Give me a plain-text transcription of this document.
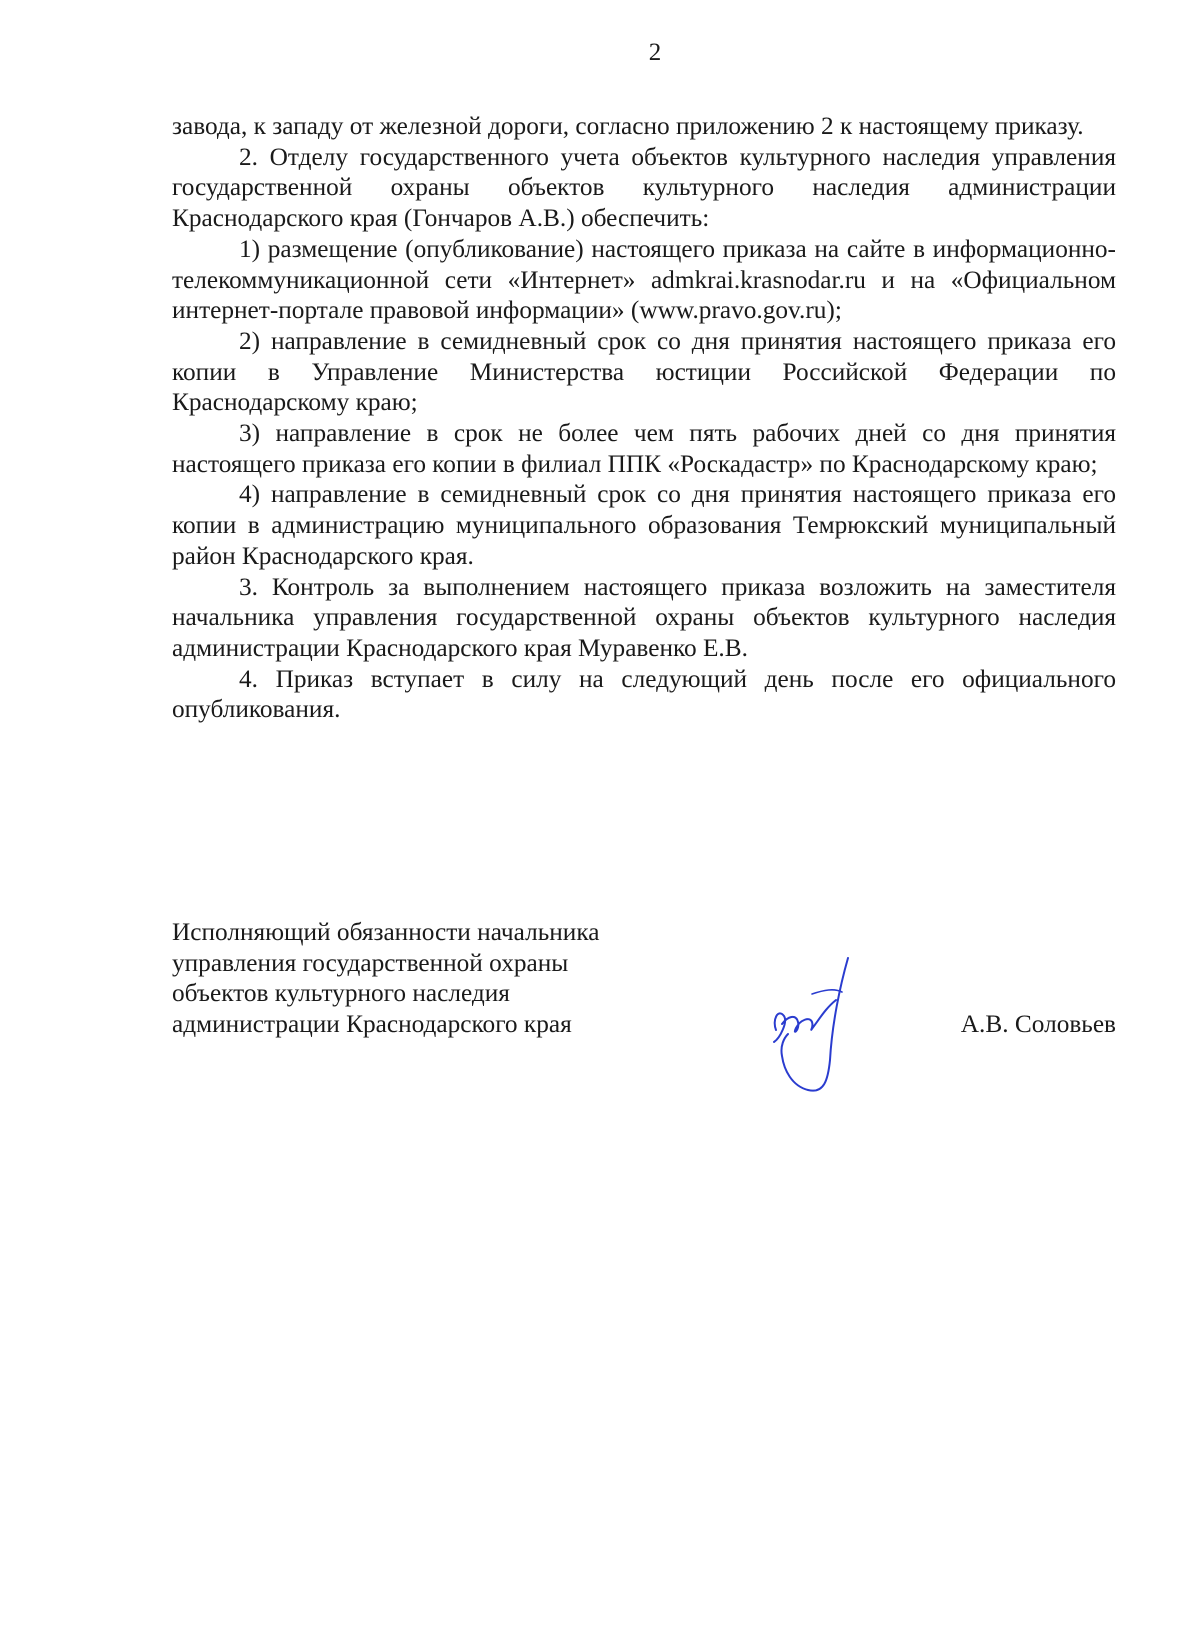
2

завода, к западу от железной дороги, согласно приложению 2 к настоящему приказу.

2. Отделу государственного учета объектов культурного наследия управления государственной охраны объектов культурного наследия администрации Краснодарского края (Гончаров А.В.) обеспечить:

1) размещение (опубликование) настоящего приказа на сайте в информационно-телекоммуникационной сети «Интернет» admkrai.krasnodar.ru и на «Официальном интернет-портале правовой информации» (www.pravo.gov.ru);

2) направление в семидневный срок со дня принятия настоящего приказа его копии в Управление Министерства юстиции Российской Федерации по Краснодарскому краю;

3) направление в срок не более чем пять рабочих дней со дня принятия настоящего приказа его копии в филиал ППК «Роскадастр» по Краснодарскому краю;

4) направление в семидневный срок со дня принятия настоящего приказа его копии в администрацию муниципального образования Темрюкский муниципальный район Краснодарского края.

3. Контроль за выполнением настоящего приказа возложить на заместителя начальника управления государственной охраны объектов культурного наследия администрации Краснодарского края Муравенко Е.В.

4. Приказ вступает в силу на следующий день после его официального опубликования.

Исполняющий обязанности начальника
управления государственной охраны
объектов культурного наследия
администрации Краснодарского края	А.В. Соловьев
